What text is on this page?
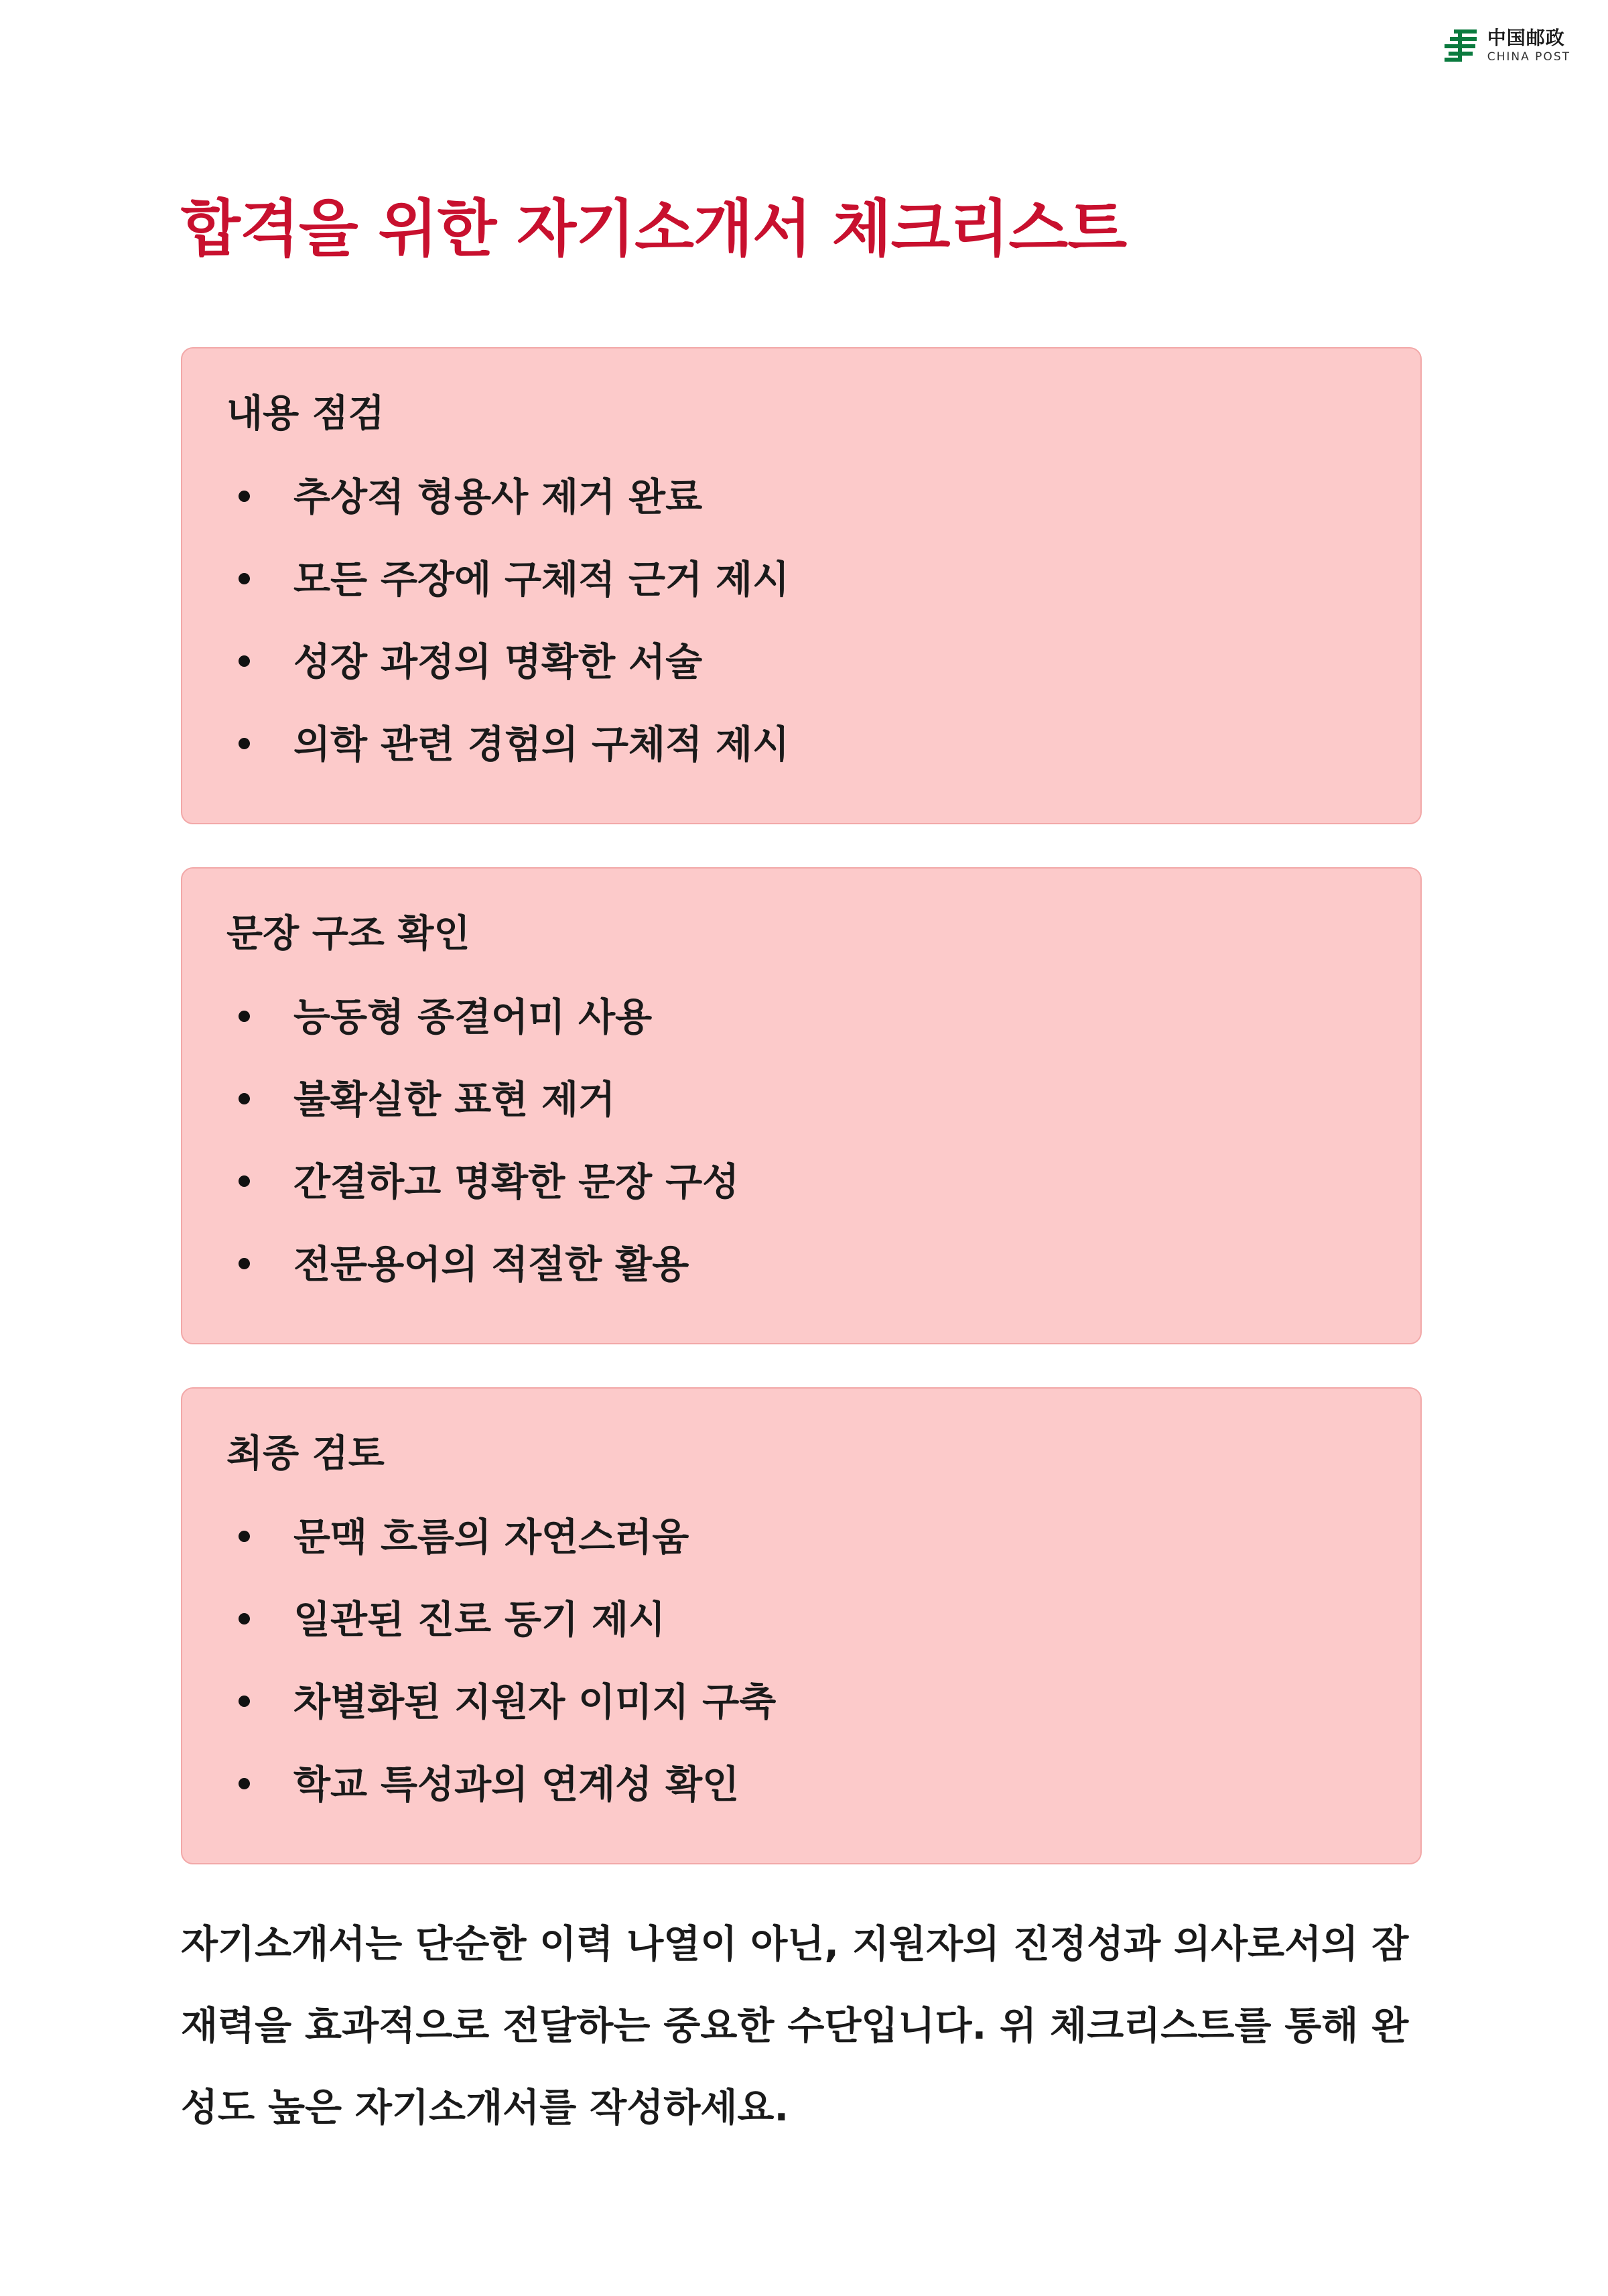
中国邮政
CHINA POST
합격을 위한 자기소개서 체크리스트
내용 점검
추상적 형용사 제거 완료
모든 주장에 구체적 근거 제시
성장 과정의 명확한 서술
의학 관련 경험의 구체적 제시
문장 구조 확인
능동형 종결어미 사용
불확실한 표현 제거
간결하고 명확한 문장 구성
전문용어의 적절한 활용
최종 검토
문맥 흐름의 자연스러움
일관된 진로 동기 제시
차별화된 지원자 이미지 구축
학교 특성과의 연계성 확인

자기소개서는 단순한 이력 나열이 아닌, 지원자의 진정성과 의사로서의 잠재력을 효과적으로 전달하는 중요한 수단입니다. 위 체크리스트를 통해 완성도 높은 자기소개서를 작성하세요.
